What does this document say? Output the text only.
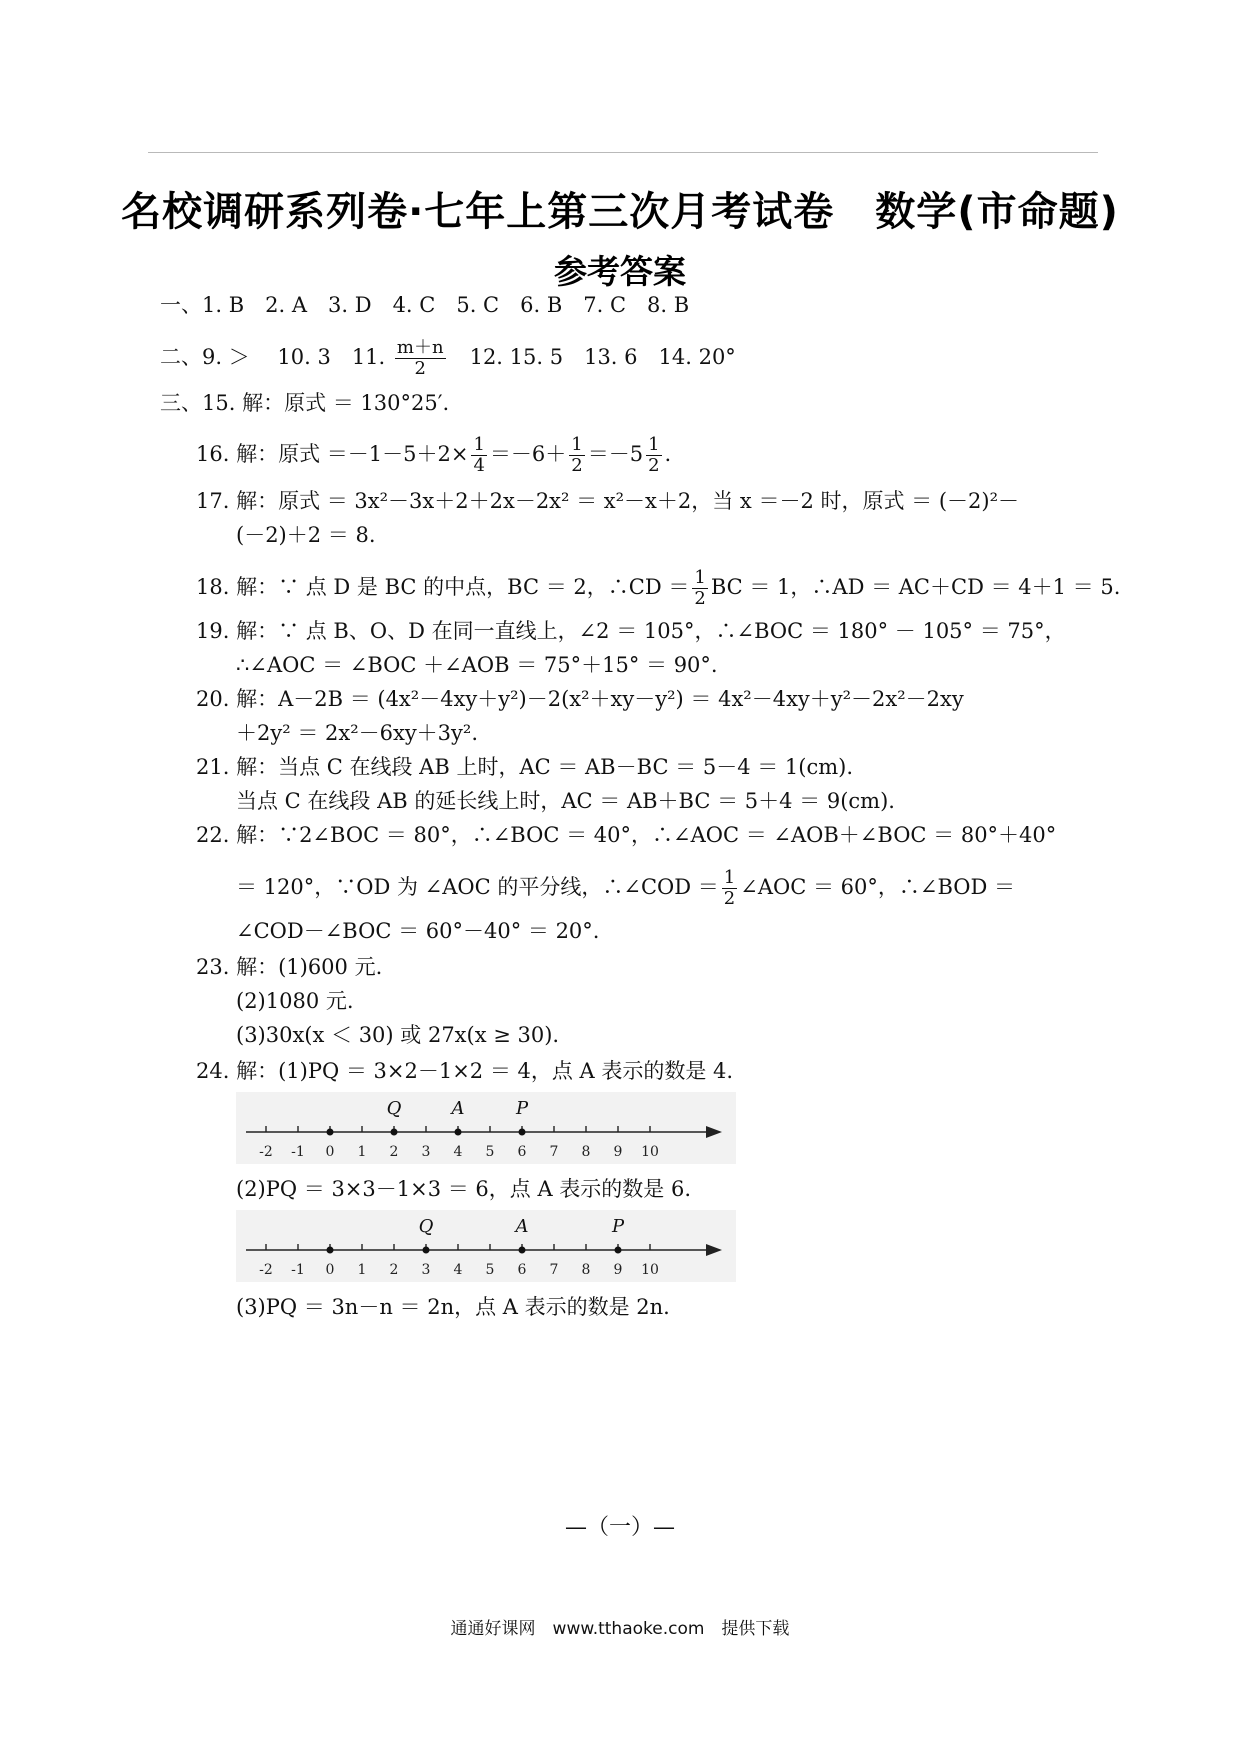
名校调研系列卷·七年上第三次月考试卷　数学(市命题)
参考答案
一、1. B　2. A　3. D　4. C　5. C　6. B　7. C　8. B
二、9. ＞　 10. 3　11. $\frac{m+n}{2}$ 　12. 15. 5　13. 6　14. 20°
三、15. 解：原式 ＝ 130°25′.
16. 解：原式 $=-1-5+2\times \frac{1}{4} =-6+ \frac{1}{2} =-5 \frac{1}{2}$ .
17. 解：原式 ＝ 3x²－3x＋2＋2x－2x² ＝ x²－x＋2，当 x ＝－2 时，原式 ＝ (－2)²－
(－2)＋2 ＝ 8.
18. 解：∵ 点 D 是 BC 的中点，BC ＝ 2，∴CD ＝ $\frac{1}{2}$ BC ＝ 1，∴AD ＝ AC＋CD ＝ 4＋1 ＝ 5.
19. 解：∵ 点 B、O、D 在同一直线上，∠2 ＝ 105°，∴∠BOC ＝ 180° － 105° ＝ 75°，
∴∠AOC ＝ ∠BOC ＋∠AOB ＝ 75°＋15° ＝ 90°.
20. 解：A－2B ＝ (4x²－4xy＋y²)－2(x²＋xy－y²) ＝ 4x²－4xy＋y²－2x²－2xy
＋2y² ＝ 2x²－6xy＋3y².
21. 解：当点 C 在线段 AB 上时，AC ＝ AB－BC ＝ 5－4 ＝ 1(cm).
当点 C 在线段 AB 的延长线上时，AC ＝ AB＋BC ＝ 5＋4 ＝ 9(cm).
22. 解：∵2∠BOC ＝ 80°，∴∠BOC ＝ 40°，∴∠AOC ＝ ∠AOB＋∠BOC ＝ 80°＋40°
＝ 120°，∵OD 为 ∠AOC 的平分线，∴∠COD ＝ $\frac{1}{2}$ ∠AOC ＝ 60°，∴∠BOD ＝
∠COD－∠BOC ＝ 60°－40° ＝ 20°.
23. 解：(1)600 元.
(2)1080 元.
(3)30x(x ＜ 30) 或 27x(x ≥ 30).
24. 解：(1)PQ ＝ 3×2－1×2 ＝ 4，点 A 表示的数是 4.
-2 -1 0 1 2 3 4 5 6 7 8 9 10
Q	A	P
(2)PQ ＝ 3×3－1×3 ＝ 6，点 A 表示的数是 6.
-2 -1 0 1 2 3 4 5 6 7 8 9 10
Q	A	P
(3)PQ ＝ 3n－n ＝ 2n，点 A 表示的数是 2n.
—（一）—
通通好课网　www.tthaoke.com　提供下载
